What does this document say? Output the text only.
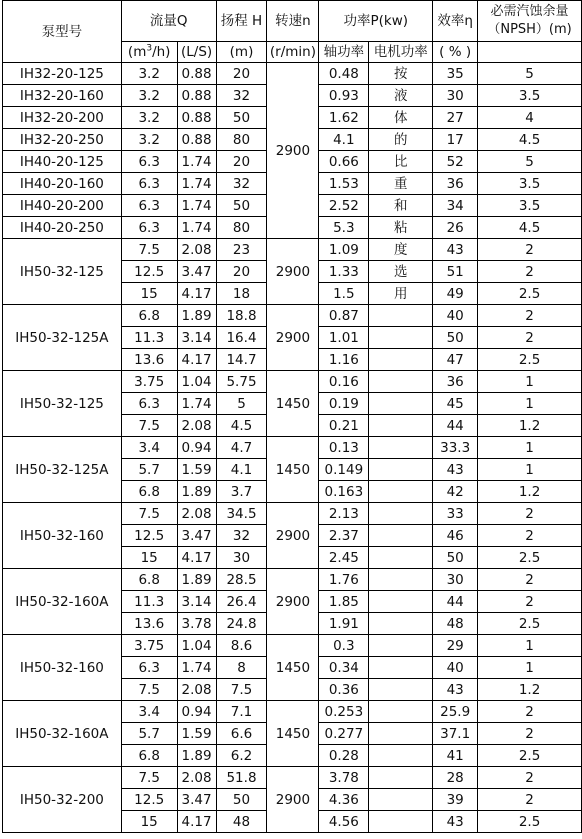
泵型号	流量Q		扬程 H	转速n	功率P(kw)		效率η	必需汽蚀余量
（NPSH）(m)

	$(m^3/h)$	(L/S)	(m)	(r/min)	轴功率	电机功率	( % )	
IH32-20-125	3.2	0.88	20	2900	0.48	按	35	5
IH32-20-160	3.2	0.88	32		0.93	液	30	3.5
IH32-20-200	3.2	0.88	50		1.62	体	27	4
IH32-20-250	3.2	0.88	80		4.1	的	17	4.5
IH40-20-125	6.3	1.74	20		0.66	比	52	5
IH40-20-160	6.3	1.74	32		1.53	重	36	3.5
IH40-20-200	6.3	1.74	50		2.52	和	34	3.5
IH40-20-250	6.3	1.74	80		5.3	粘	26	4.5
IH50-32-125	7.5	2.08	23	2900	1.09	度	43	2
	12.5	3.47	20		1.33	选	51	2
	15	4.17	18		1.5	用	49	2.5
IH50-32-125A	6.8	1.89	18.8	2900	0.87		40	2
	11.3	3.14	16.4		1.01		50	2
	13.6	4.17	14.7		1.16		47	2.5
IH50-32-125	3.75	1.04	5.75	1450	0.16		36	1
	6.3	1.74	5		0.19		45	1
	7.5	2.08	4.5		0.21		44	1.2
IH50-32-125A	3.4	0.94	4.7	1450	0.13		33.3	1
	5.7	1.59	4.1		0.149		43	1
	6.8	1.89	3.7		0.163		42	1.2
IH50-32-160	7.5	2.08	34.5	2900	2.13		33	2
	12.5	3.47	32		2.37		46	2
	15	4.17	30		2.45		50	2.5
IH50-32-160A	6.8	1.89	28.5	2900	1.76		30	2
	11.3	3.14	26.4		1.85		44	2
	13.6	3.78	24.8		1.91		48	2.5
IH50-32-160	3.75	1.04	8.6	1450	0.3		29	1
	6.3	1.74	8		0.34		40	1
	7.5	2.08	7.5		0.36		43	1.2
IH50-32-160A	3.4	0.94	7.1	1450	0.253		25.9	2
	5.7	1.59	6.6		0.277		37.1	2
	6.8	1.89	6.2		0.28		41	2.5
IH50-32-200	7.5	2.08	51.8	2900	3.78		28	2
	12.5	3.47	50		4.36		39	2
	15	4.17	48		4.56		43	2.5
